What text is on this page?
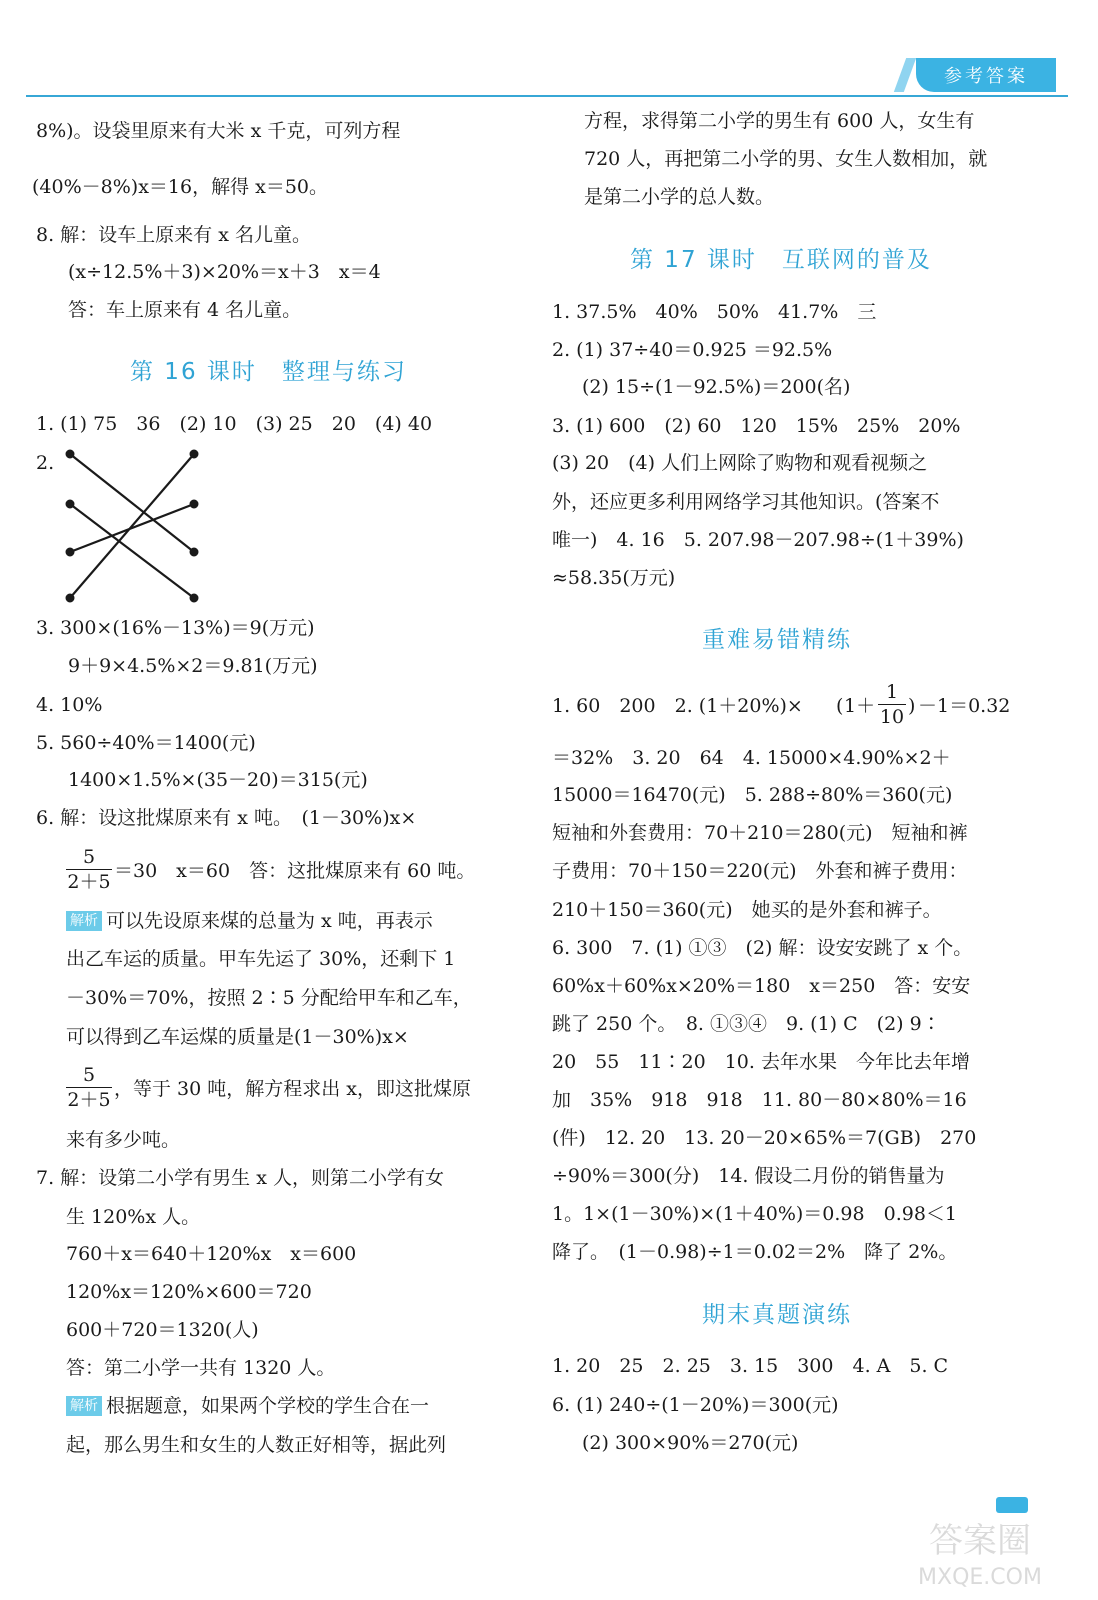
参考答案
8%)。设袋里原来有大米 x 千克，可列方程
(40%－8%)x＝16，解得 x＝50。
8. 解：设车上原来有 x 名儿童。
(x÷12.5%＋3)×20%＝x＋3　x＝4
答：车上原来有 4 名儿童。
第 16 课时　整理与练习
1. (1) 75　36　(2) 10　(3) 25　20　(4) 40
2.
3. 300×(16%－13%)＝9(万元)
9＋9×4.5%×2＝9.81(万元)
4. 10%
5. 560÷40%＝1400(元)
1400×1.5%×(35－20)＝315(元)
6. 解：设这批煤原来有 x 吨。　(1－30%)x×
$\frac{5}{2+5} =30$　x＝60　答：这批煤原来有 60 吨。
解析 可以先设原来煤的总量为 x 吨，再表示
出乙车运的质量。甲车先运了 30%，还剩下 1
－30%＝70%，按照 2∶5 分配给甲车和乙车，
可以得到乙车运煤的质量是(1－30%)x×
$\frac{5}{2+5}$ ，等于 30 吨，解方程求出 x，即这批煤原
来有多少吨。
7. 解：设第二小学有男生 x 人，则第二小学有女
生 120%x 人。
760＋x＝640＋120%x　x＝600
120%x＝120%×600＝720
600＋720＝1320(人)
答：第二小学一共有 1320 人。
解析 根据题意，如果两个学校的学生合在一
起，那么男生和女生的人数正好相等，据此列
方程，求得第二小学的男生有 600 人，女生有
720 人，再把第二小学的男、女生人数相加，就
是第二小学的总人数。
第 17 课时　互联网的普及
1. 37.5%　40%　50%　41.7%　三
2. (1) 37÷40＝0.925 ＝92.5%
(2) 15÷(1－92.5%)＝200(名)
3. (1) 600　(2) 60　120　15%　25%　20%
(3) 20　(4) 人们上网除了购物和观看视频之
外，还应更多利用网络学习其他知识。(答案不
唯一)　4. 16　5. 207.98－207.98÷(1＋39%)
≈58.35(万元)
重难易错精练
1. 60　200　2. (1＋20%)× ( $1+ \frac{1}{10}$ ) －1＝0.32
＝32%　3. 20　64　4. 15000×4.90%×2＋
15000＝16470(元)　5. 288÷80%＝360(元)
短袖和外套费用：70＋210＝280(元)　短袖和裤
子费用：70＋150＝220(元)　外套和裤子费用：
210＋150＝360(元)　她买的是外套和裤子。
6. 300　7. (1) ①③　(2) 解：设安安跳了 x 个。
60%x＋60%x×20%＝180　x＝250　答：安安
跳了 250 个。　8. ①③④　9. (1) C　(2) 9∶
20　55　11∶20　10. 去年水果　今年比去年增
加　35%　918　918　11. 80－80×80%＝16
(件)　12. 20　13. 20－20×65%＝7(GB)　270
÷90%＝300(分)　14. 假设二月份的销售量为
1。1×(1－30%)×(1＋40%)＝0.98　0.98＜1
降了。　(1－0.98)÷1＝0.02＝2%　降了 2%。
期末真题演练
1. 20　25　2. 25　3. 15　300　4. A　5. C
6. (1) 240÷(1－20%)＝300(元)
(2) 300×90%＝270(元)
答案圈
MXQE.COM
